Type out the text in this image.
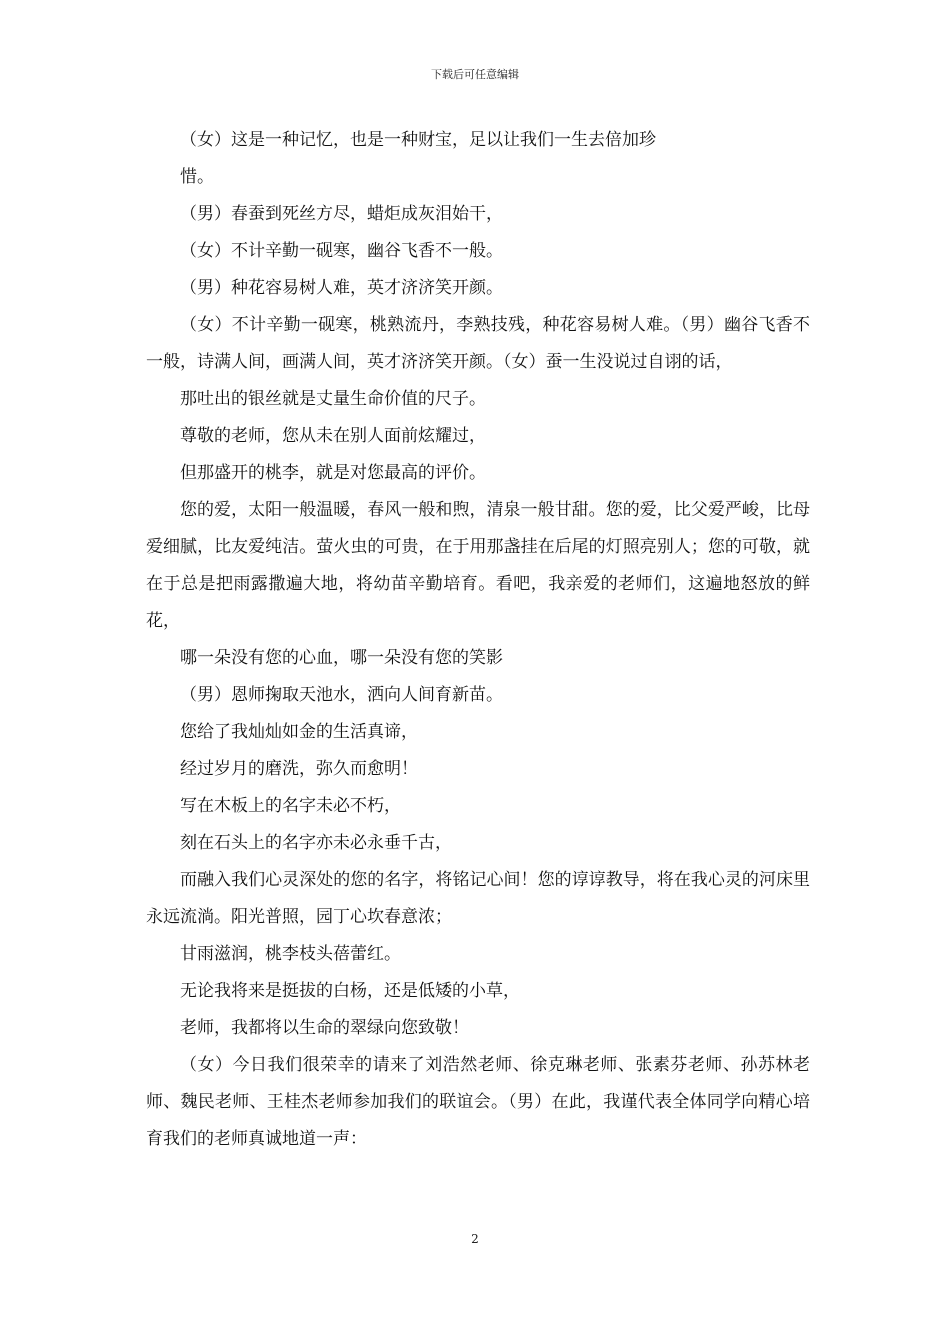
下载后可任意编辑
（女）这是一种记忆，也是一种财宝，足以让我们一生去倍加珍
惜。
（男）春蚕到死丝方尽，蜡炬成灰泪始干，
（女）不计辛勤一砚寒，幽谷飞香不一般。
（男）种花容易树人难，英才济济笑开颜。
（女）不计辛勤一砚寒，桃熟流丹，李熟技残，种花容易树人难。（男）幽谷飞香不一般，诗满人间，画满人间，英才济济笑开颜。（女）蚕一生没说过自诩的话，
那吐出的银丝就是丈量生命价值的尺子。
尊敬的老师，您从未在别人面前炫耀过，
但那盛开的桃李，就是对您最高的评价。
您的爱，太阳一般温暖，春风一般和煦，清泉一般甘甜。您的爱，比父爱严峻，比母爱细腻，比友爱纯洁。萤火虫的可贵，在于用那盏挂在后尾的灯照亮别人；您的可敬，就在于总是把雨露撒遍大地，将幼苗辛勤培育。看吧，我亲爱的老师们，这遍地怒放的鲜花，
哪一朵没有您的心血，哪一朵没有您的笑影
（男）恩师掬取天池水，洒向人间育新苗。
您给了我灿灿如金的生活真谛，
经过岁月的磨洗，弥久而愈明！
写在木板上的名字未必不朽，
刻在石头上的名字亦未必永垂千古，
而融入我们心灵深处的您的名字，将铭记心间！您的谆谆教导，将在我心灵的河床里永远流淌。阳光普照，园丁心坎春意浓；
甘雨滋润，桃李枝头蓓蕾红。
无论我将来是挺拔的白杨，还是低矮的小草，
老师，我都将以生命的翠绿向您致敬！
（女）今日我们很荣幸的请来了刘浩然老师、徐克琳老师、张素芬老师、孙苏林老师、魏民老师、王桂杰老师参加我们的联谊会。（男）在此，我谨代表全体同学向精心培育我们的老师真诚地道一声：
2
